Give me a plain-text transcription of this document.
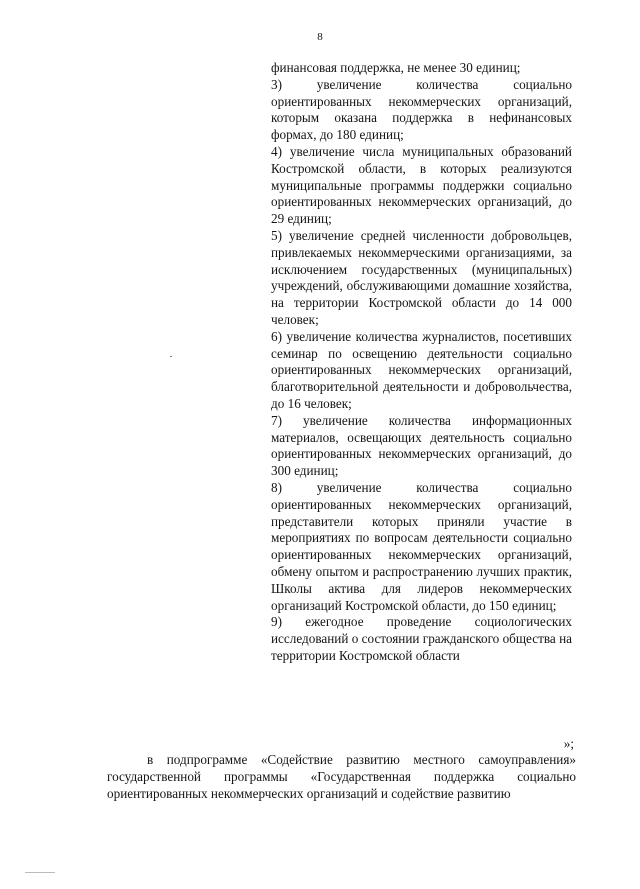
8

финансовая поддержка, не менее 30 единиц;

3) увеличение количества социально ориентированных некоммерческих организаций, которым оказана поддержка в нефинансовых формах, до 180 единиц;

4) увеличение числа муниципальных образований Костромской области, в которых реализуются муниципальные программы поддержки социально ориентированных некоммерческих организаций, до 29 единиц;

5) увеличение средней численности добровольцев, привлекаемых некоммерческими организациями, за исключением государственных (муниципальных) учреждений, обслуживающими домашние хозяйства, на территории Костромской области до 14 000 человек;

6) увеличение количества журналистов, посетивших семинар по освещению деятельности социально ориентированных некоммерческих организаций, благотворительной деятельности и добровольчества, до 16 человек;

7) увеличение количества информационных материалов, освещающих деятельность социально ориентированных некоммерческих организаций, до 300 единиц;

8) увеличение количества социально ориентированных некоммерческих организаций, представители которых приняли участие в мероприятиях по вопросам деятельности социально ориентированных некоммерческих организаций, обмену опытом и распространению лучших практик, Школы актива для лидеров некоммерческих организаций Костромской области, до 150 единиц;

9) ежегодное проведение социологических исследований о состоянии гражданского общества на территории Костромской области

»;

в подпрограмме «Содействие развитию местного самоуправления» государственной программы «Государственная поддержка социально ориентированных некоммерческих организаций и содействие развитию
